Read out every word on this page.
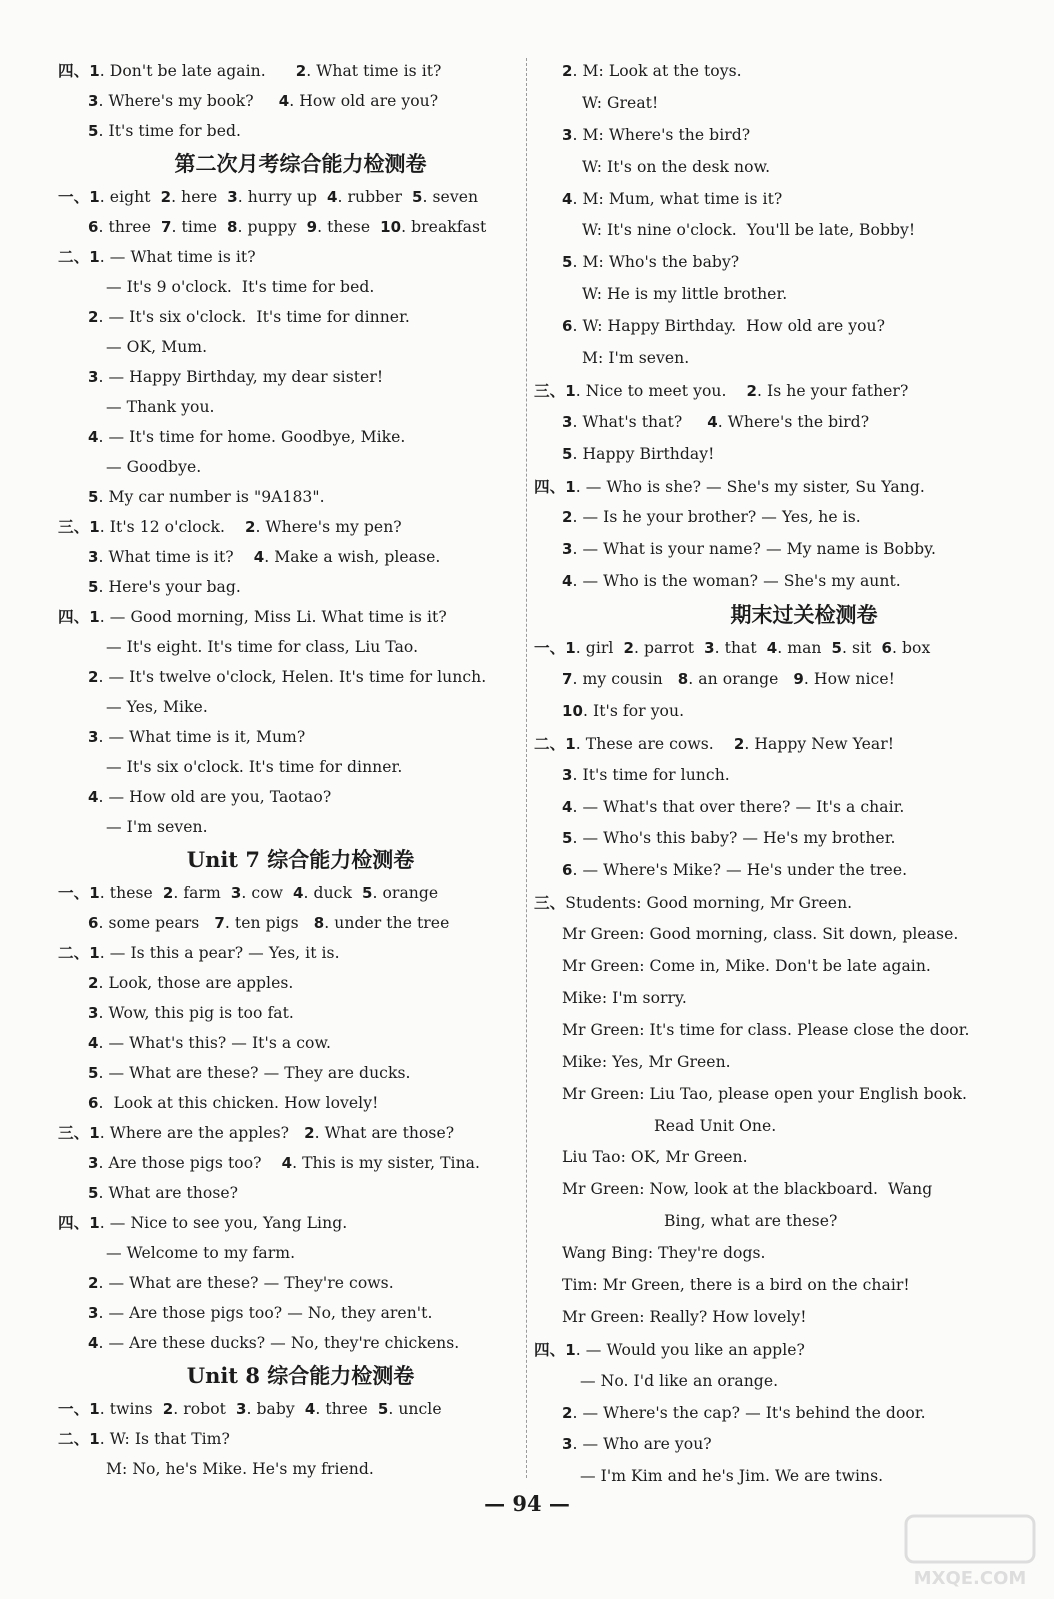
四、1. Don't be late again.      2. What time is it?
3. Where's my book?     4. How old are you?
5. It's time for bed.
第二次月考综合能力检测卷
一、1. eight  2. here  3. hurry up  4. rubber  5. seven
6. three  7. time  8. puppy  9. these  10. breakfast
二、1. — What time is it?
— It's 9 o'clock.  It's time for bed.
2. — It's six o'clock.  It's time for dinner.
— OK, Mum.
3. — Happy Birthday, my dear sister!
— Thank you.
4. — It's time for home. Goodbye, Mike.
— Goodbye.
5. My car number is "9A183".
三、1. It's 12 o'clock.    2. Where's my pen?
3. What time is it?    4. Make a wish, please.
5. Here's your bag.
四、1. — Good morning, Miss Li. What time is it?
— It's eight. It's time for class, Liu Tao.
2. — It's twelve o'clock, Helen. It's time for lunch.
— Yes, Mike.
3. — What time is it, Mum?
— It's six o'clock. It's time for dinner.
4. — How old are you, Taotao?
— I'm seven.
Unit 7 综合能力检测卷
一、1. these  2. farm  3. cow  4. duck  5. orange
6. some pears   7. ten pigs   8. under the tree
二、1. — Is this a pear? — Yes, it is.
2. Look, those are apples.
3. Wow, this pig is too fat.
4. — What's this? — It's a cow.
5. — What are these? — They are ducks.
6.  Look at this chicken. How lovely!
三、1. Where are the apples?   2. What are those?
3. Are those pigs too?    4. This is my sister, Tina.
5. What are those?
四、1. — Nice to see you, Yang Ling.
— Welcome to my farm.
2. — What are these? — They're cows.
3. — Are those pigs too? — No, they aren't.
4. — Are these ducks? — No, they're chickens.
Unit 8 综合能力检测卷
一、1. twins  2. robot  3. baby  4. three  5. uncle
二、1. W: Is that Tim?
M: No, he's Mike. He's my friend.
2. M: Look at the toys.
W: Great!
3. M: Where's the bird?
W: It's on the desk now.
4. M: Mum, what time is it?
W: It's nine o'clock.  You'll be late, Bobby!
5. M: Who's the baby?
W: He is my little brother.
6. W: Happy Birthday.  How old are you?
M: I'm seven.
三、1. Nice to meet you.    2. Is he your father?
3. What's that?     4. Where's the bird?
5. Happy Birthday!
四、1. — Who is she? — She's my sister, Su Yang.
2. — Is he your brother? — Yes, he is.
3. — What is your name? — My name is Bobby.
4. — Who is the woman? — She's my aunt.
期末过关检测卷
一、1. girl  2. parrot  3. that  4. man  5. sit  6. box
7. my cousin   8. an orange   9. How nice!
10. It's for you.
二、1. These are cows.    2. Happy New Year!
3. It's time for lunch.
4. — What's that over there? — It's a chair.
5. — Who's this baby? — He's my brother.
6. — Where's Mike? — He's under the tree.
三、Students: Good morning, Mr Green.
Mr Green: Good morning, class. Sit down, please.
Mr Green: Come in, Mike. Don't be late again.
Mike: I'm sorry.
Mr Green: It's time for class. Please close the door.
Mike: Yes, Mr Green.
Mr Green: Liu Tao, please open your English book.
Read Unit One.
Liu Tao: OK, Mr Green.
Mr Green: Now, look at the blackboard.  Wang
Bing, what are these?
Wang Bing: They're dogs.
Tim: Mr Green, there is a bird on the chair!
Mr Green: Really? How lovely!
四、1. — Would you like an apple?
— No. I'd like an orange.
2. — Where's the cap? — It's behind the door.
3. — Who are you?
— I'm Kim and he's Jim. We are twins.
— 94 —
MXQE.COM
